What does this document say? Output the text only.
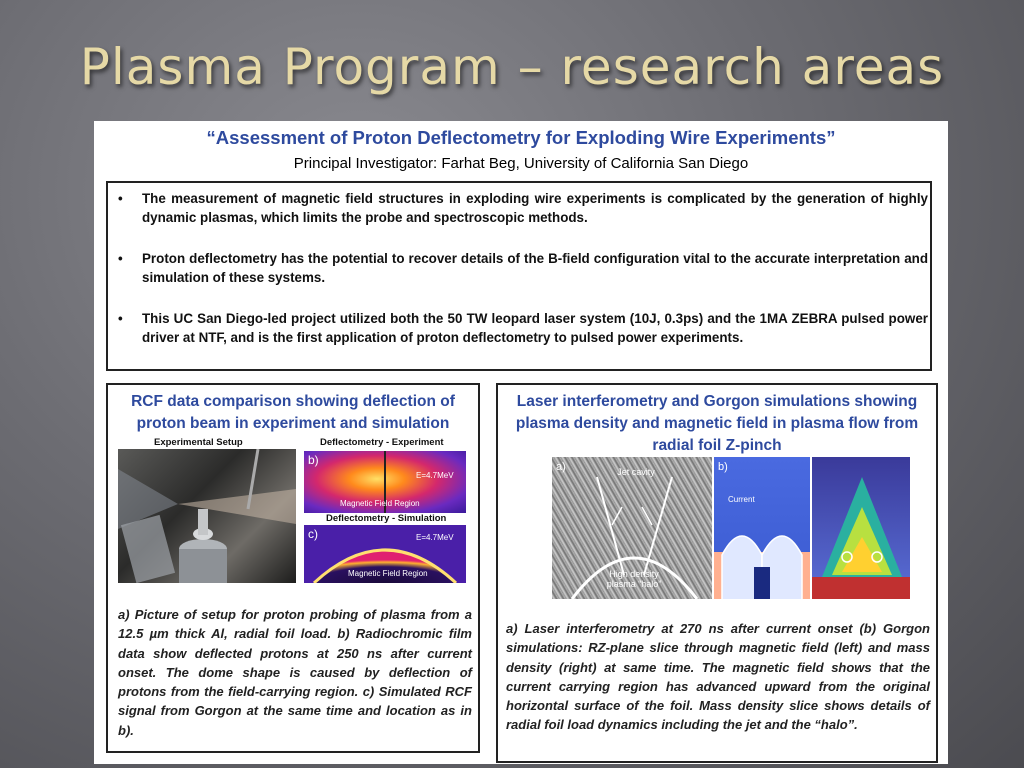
Plasma Program – research areas
“Assessment of Proton Deflectometry for Exploding Wire Experiments”
Principal Investigator: Farhat Beg, University of California San Diego
• The measurement of magnetic field structures in exploding wire experiments is complicated by the generation of highly dynamic plasmas, which limits the probe and spectroscopic methods.
• Proton deflectometry has the potential to recover details of the B-field configuration vital to the accurate interpretation and simulation of these systems.
• This UC San Diego-led project utilized both the 50 TW leopard laser system (10J, 0.3ps) and the 1MA ZEBRA pulsed power driver at NTF, and is the first application of proton deflectometry to pulsed power experiments.
RCF data comparison showing deflection of proton beam in experiment and simulation
Experimental Setup	Deflectometry - Experiment
b)
E=4.7MeV
Magnetic Field Region
Deflectometry - Simulation
c)	E=4.7MeV
Magnetic Field Region
a) Picture of setup for proton probing of plasma from a 12.5 µm thick Al, radial foil load. b) Radiochromic film data show deflected protons at 250 ns after current onset. The dome shape is caused by deflection of protons from the field-carrying region. c) Simulated RCF signal from Gorgon at the same time and location as in b).
Laser interferometry and Gorgon simulations showing plasma density and magnetic field in plasma flow from radial foil Z-pinch
a)	Jet cavity
High density plasma “halo”
b)
Current
a) Laser interferometry at 270 ns after current onset (b) Gorgon simulations: RZ-plane slice through magnetic field (left) and mass density (right) at same time. The magnetic field shows that the current carrying region has advanced upward from the original horizontal surface of the foil. Mass density slice shows details of radial foil load dynamics including the jet and the “halo”.
